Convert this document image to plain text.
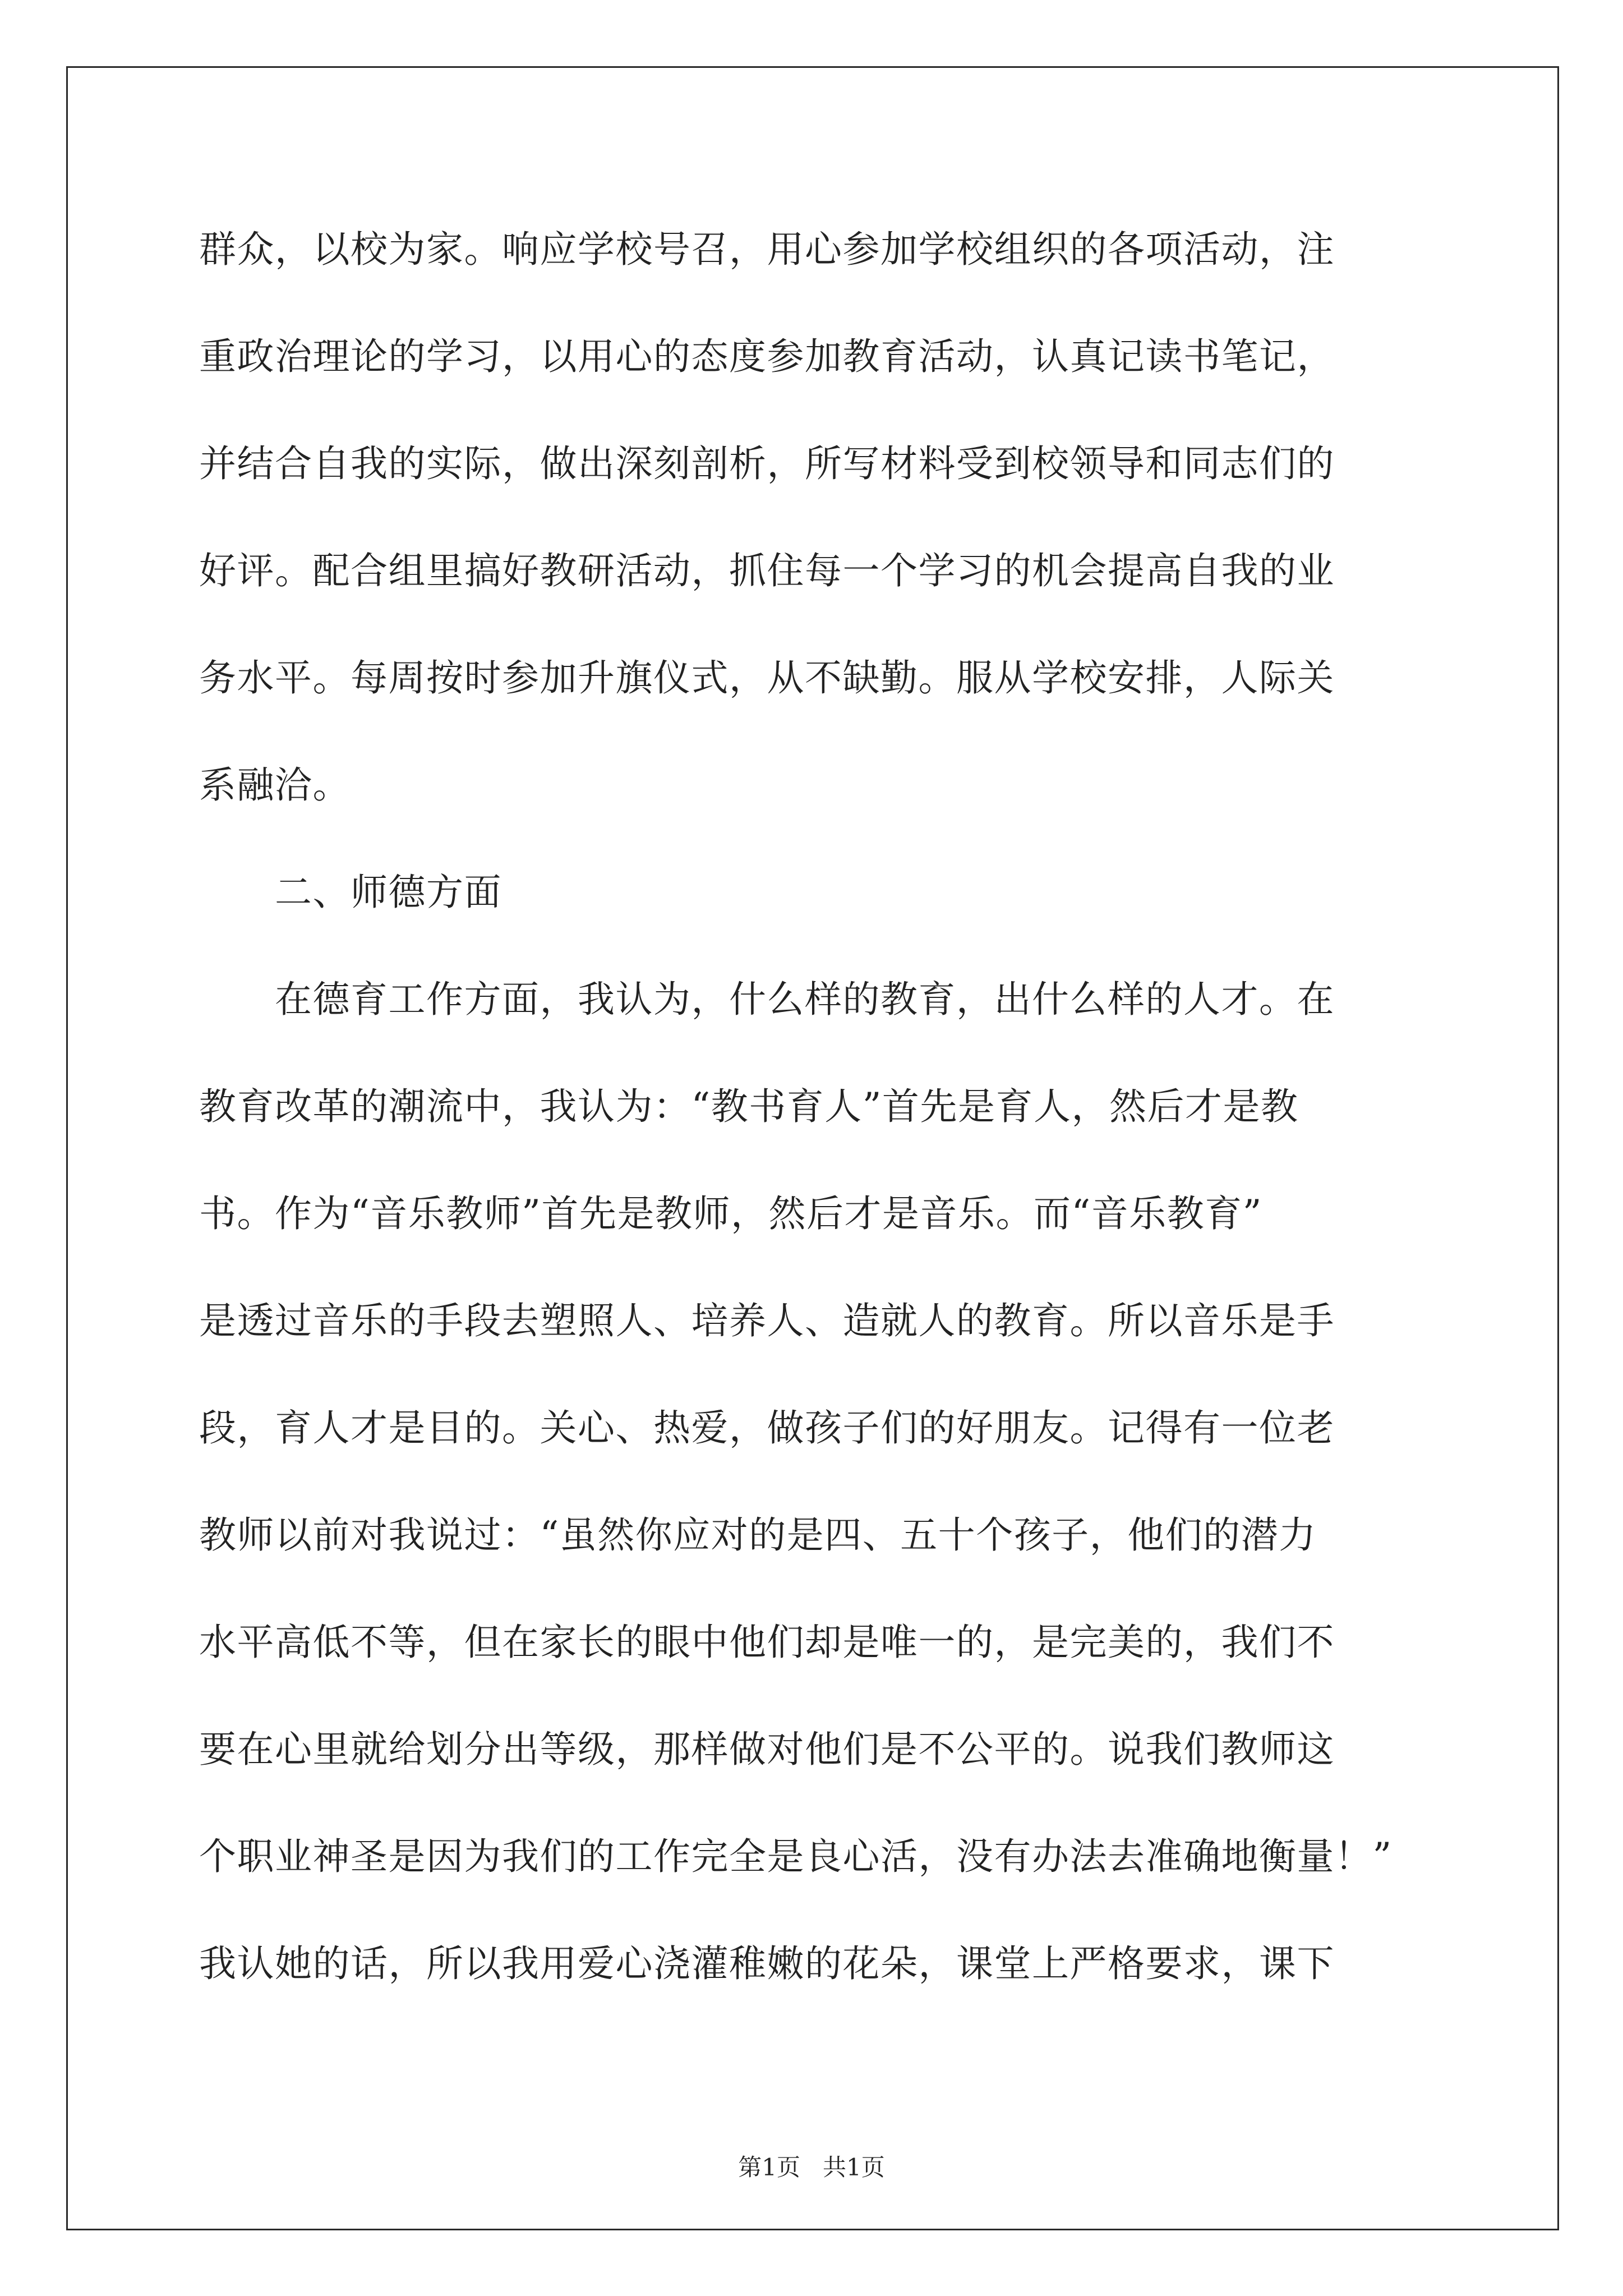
群众，以校为家。响应学校号召，用心参加学校组织的各项活动，注
重政治理论的学习，以用心的态度参加教育活动，认真记读书笔记，
并结合自我的实际，做出深刻剖析，所写材料受到校领导和同志们的
好评。配合组里搞好教研活动，抓住每一个学习的机会提高自我的业
务水平。每周按时参加升旗仪式，从不缺勤。服从学校安排，人际关
系融洽。
　　二、师德方面
　　在德育工作方面，我认为，什么样的教育，出什么样的人才。在
教育改革的潮流中，我认为：“教书育人”首先是育人，然后才是教
书。作为“音乐教师”首先是教师，然后才是音乐。而“音乐教育”
是透过音乐的手段去塑照人、培养人、造就人的教育。所以音乐是手
段，育人才是目的。关心、热爱，做孩子们的好朋友。记得有一位老
教师以前对我说过：“虽然你应对的是四、五十个孩子，他们的潜力
水平高低不等，但在家长的眼中他们却是唯一的，是完美的，我们不
要在心里就给划分出等级，那样做对他们是不公平的。说我们教师这
个职业神圣是因为我们的工作完全是良心活，没有办法去准确地衡量！”
我认她的话，所以我用爱心浇灌稚嫩的花朵，课堂上严格要求，课下
第1页 共1页
